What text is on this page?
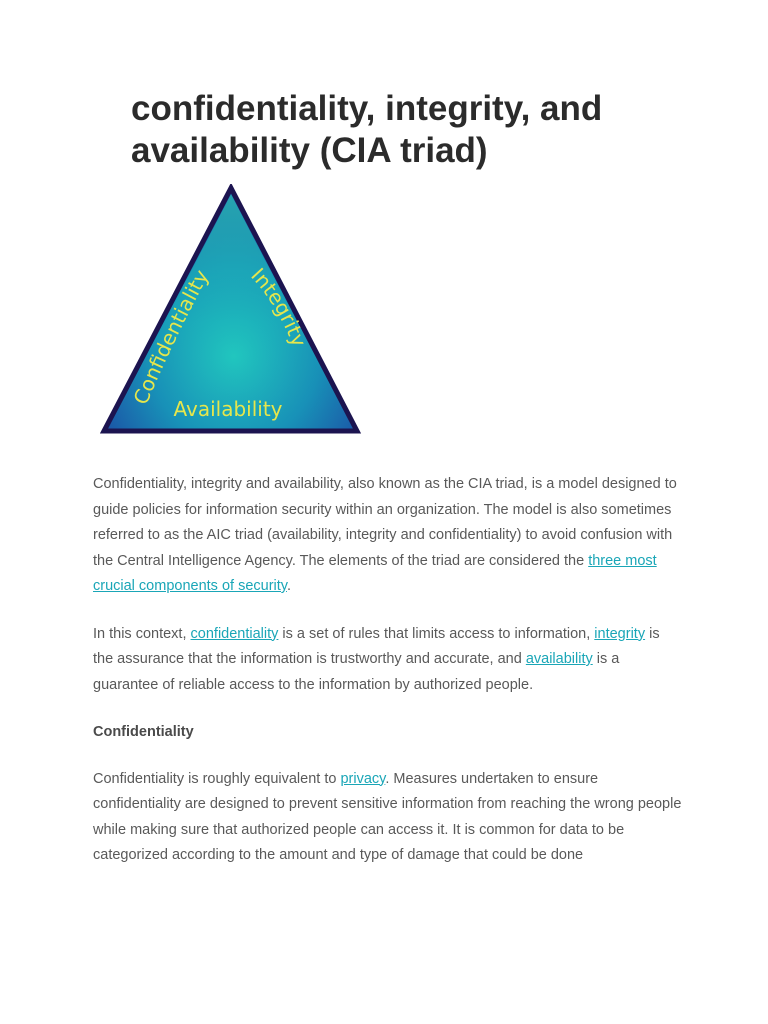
confidentiality, integrity, and availability (CIA triad)
Confidentiality Integrity
Availability

Confidentiality, integrity and availability, also known as the CIA triad, is a model designed to guide policies for information security within an organization. The model is also sometimes referred to as the AIC triad (availability, integrity and confidentiality) to avoid confusion with the Central Intelligence Agency. The elements of the triad are considered the three most crucial components of security.

In this context, confidentiality is a set of rules that limits access to information, integrity is the assurance that the information is trustworthy and accurate, and availability is a guarantee of reliable access to the information by authorized people.

Confidentiality

Confidentiality is roughly equivalent to privacy. Measures undertaken to ensure confidentiality are designed to prevent sensitive information from reaching the wrong people while making sure that authorized people can access it. It is common for data to be categorized according to the amount and type of damage that could be done
